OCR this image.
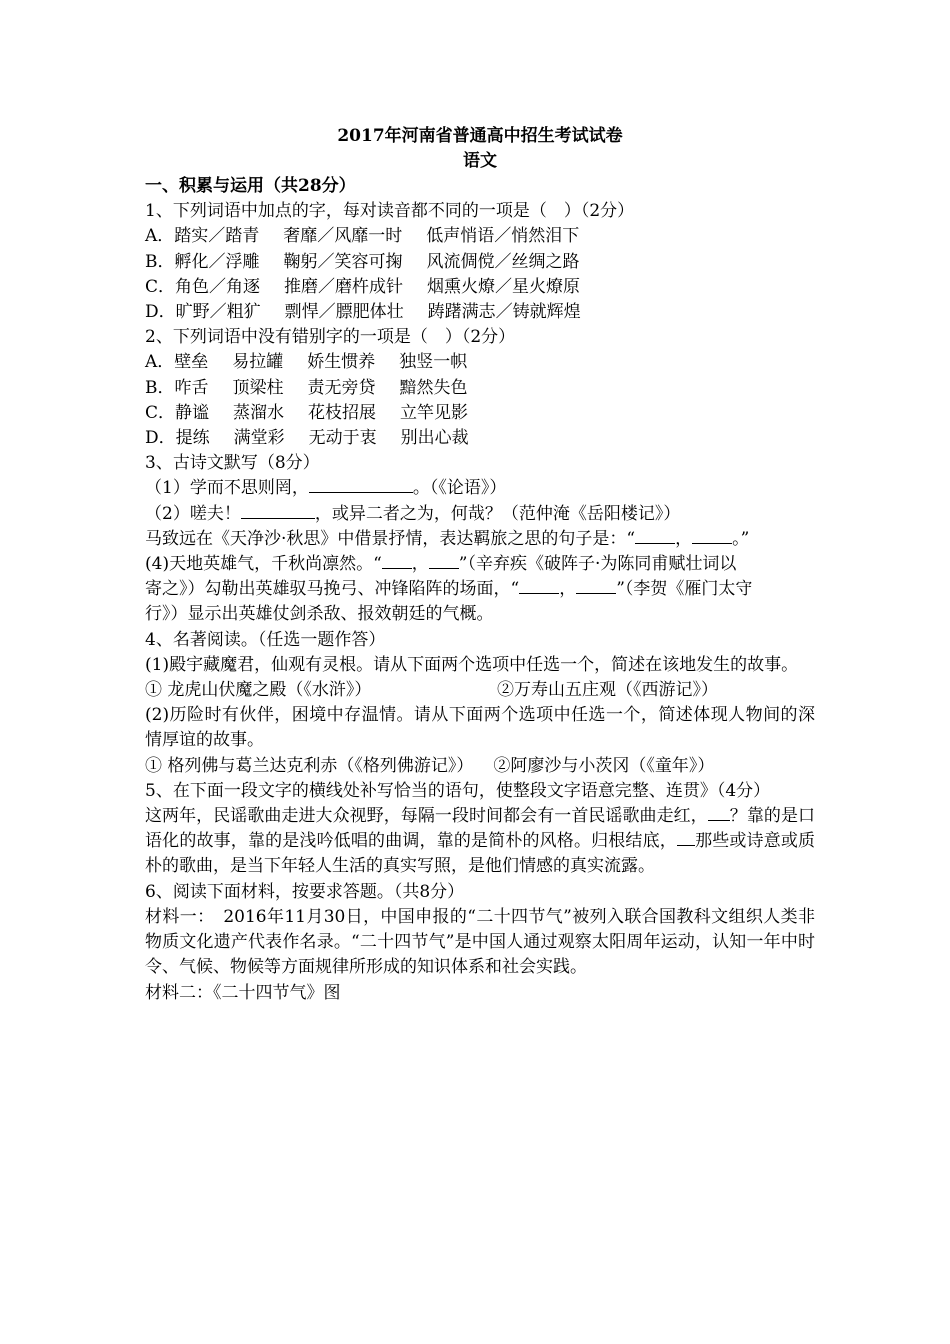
2017年河南省普通高中招生考试试卷

语文

一、积累与运用（共28分）

1、下列词语中加点的字，每对读音都不同的一项是（　）（2分）

A．踏实／踏青 奢靡／风靡一时 低声悄语／悄然泪下

B．孵化／浮雕 鞠躬／笑容可掬 风流倜傥／丝绸之路

C．角色／角逐 推磨／磨杵成针 烟熏火燎／星火燎原

D．旷野／粗犷 剽悍／膘肥体壮 踌躇满志／铸就辉煌

2、下列词语中没有错别字的一项是（　）（2分）

A．壁垒 易拉罐 娇生惯养 独竖一帜

B．咋舌 顶梁柱 责无旁贷 黯然失色

C．静谧 蒸溜水 花枝招展 立竿见影

D．提练 满堂彩 无动于衷 别出心裁

3、古诗文默写（8分）

（1）学而不思则罔，	。（《论语》）

（2）嗟夫！	，或异二者之为，何哉？（范仲淹《岳阳楼记》）

马致远在《天净沙·秋思》中借景抒情，表达羁旅之思的句子是：“ ， 。”

(4)天地英雄气，千秋尚凛然。“ ， ”（辛弃疾《破阵子·为陈同甫赋壮词以

寄之》）勾勒出英雄驭马挽弓、冲锋陷阵的场面，“ ， ”（李贺《雁门太守

行》）显示出英雄仗剑杀敌、报效朝廷的气概。

4、名著阅读。（任选一题作答）

(1)殿宇藏魔君，仙观有灵根。请从下面两个选项中任选一个，简述在该地发生的故事。

① 龙虎山伏魔之殿（《水浒》）	②万寿山五庄观（《西游记》）

(2)历险时有伙伴，困境中存温情。请从下面两个选项中任选一个，简述体现人物间的深情厚谊的故事。

① 格列佛与葛兰达克利赤（《格列佛游记》） ②阿廖沙与小茨冈（《童年》）

5、在下面一段文字的横线处补写恰当的语句，使整段文字语意完整、连贯》（4分）

这两年，民谣歌曲走进大众视野，每隔一段时间都会有一首民谣歌曲走红， ？靠的是口语化的故事，靠的是浅吟低唱的曲调，靠的是简朴的风格。归根结底， 那些或诗意或质朴的歌曲，是当下年轻人生活的真实写照，是他们情感的真实流露。

6、阅读下面材料，按要求答题。（共8分）

材料一：　2016年11月30日，中国申报的“二十四节气”被列入联合国教科文组织人类非物质文化遗产代表作名录。“二十四节气”是中国人通过观察太阳周年运动，认知一年中时令、气候、物候等方面规律所形成的知识体系和社会实践。

材料二：《二十四节气》图
